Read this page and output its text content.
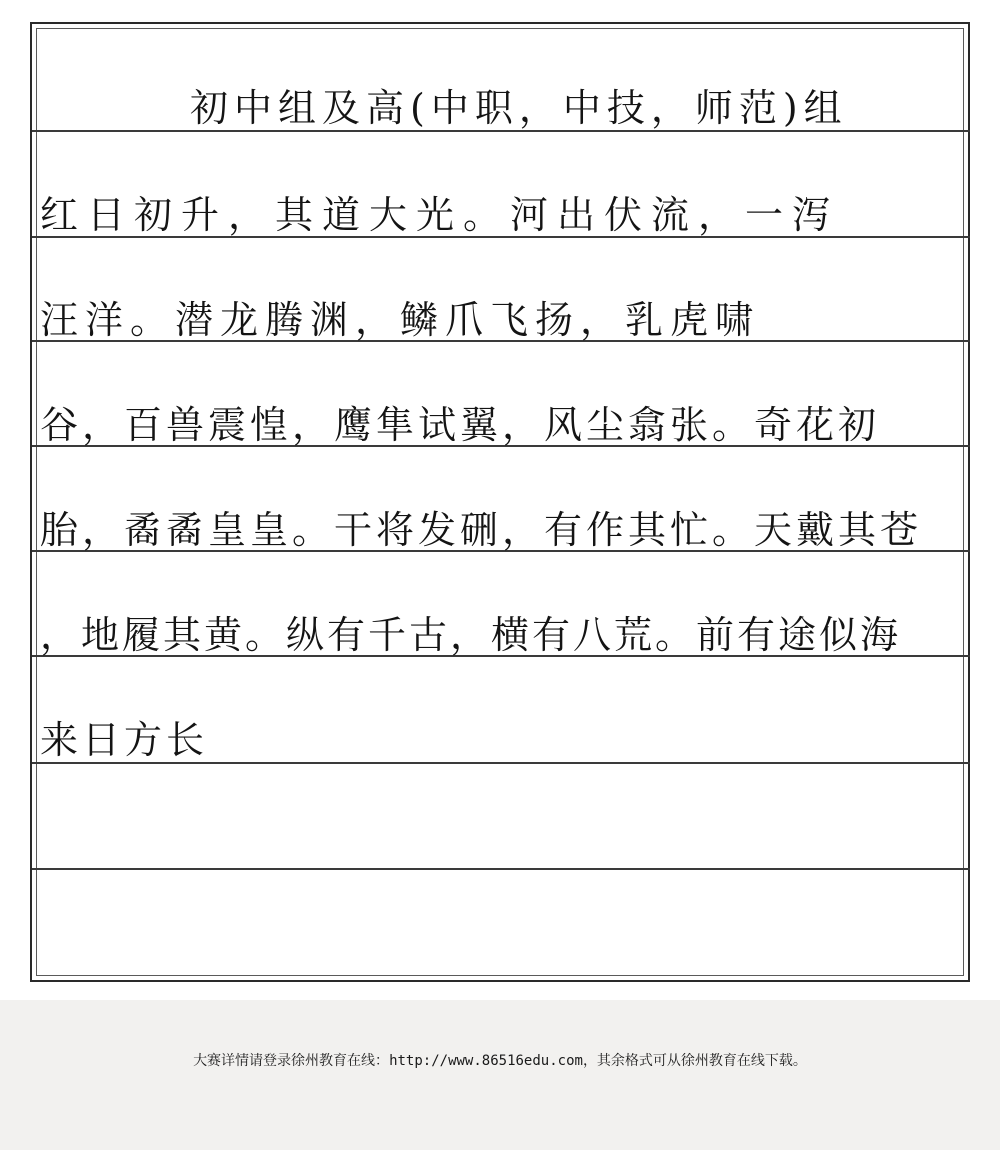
初中组及高(中职，中技，师范)组
红日初升，其道大光。河出伏流，一泻
汪洋。潜龙腾渊，鳞爪飞扬，乳虎啸
谷，百兽震惶，鹰隼试翼，风尘翕张。奇花初
胎，矞矞皇皇。干将发硎，有作其忙。天戴其苍
，地履其黄。纵有千古，横有八荒。前有途似海
来日方长
大赛详情请登录徐州教育在线：http://www.86516edu.com，其余格式可从徐州教育在线下载。
